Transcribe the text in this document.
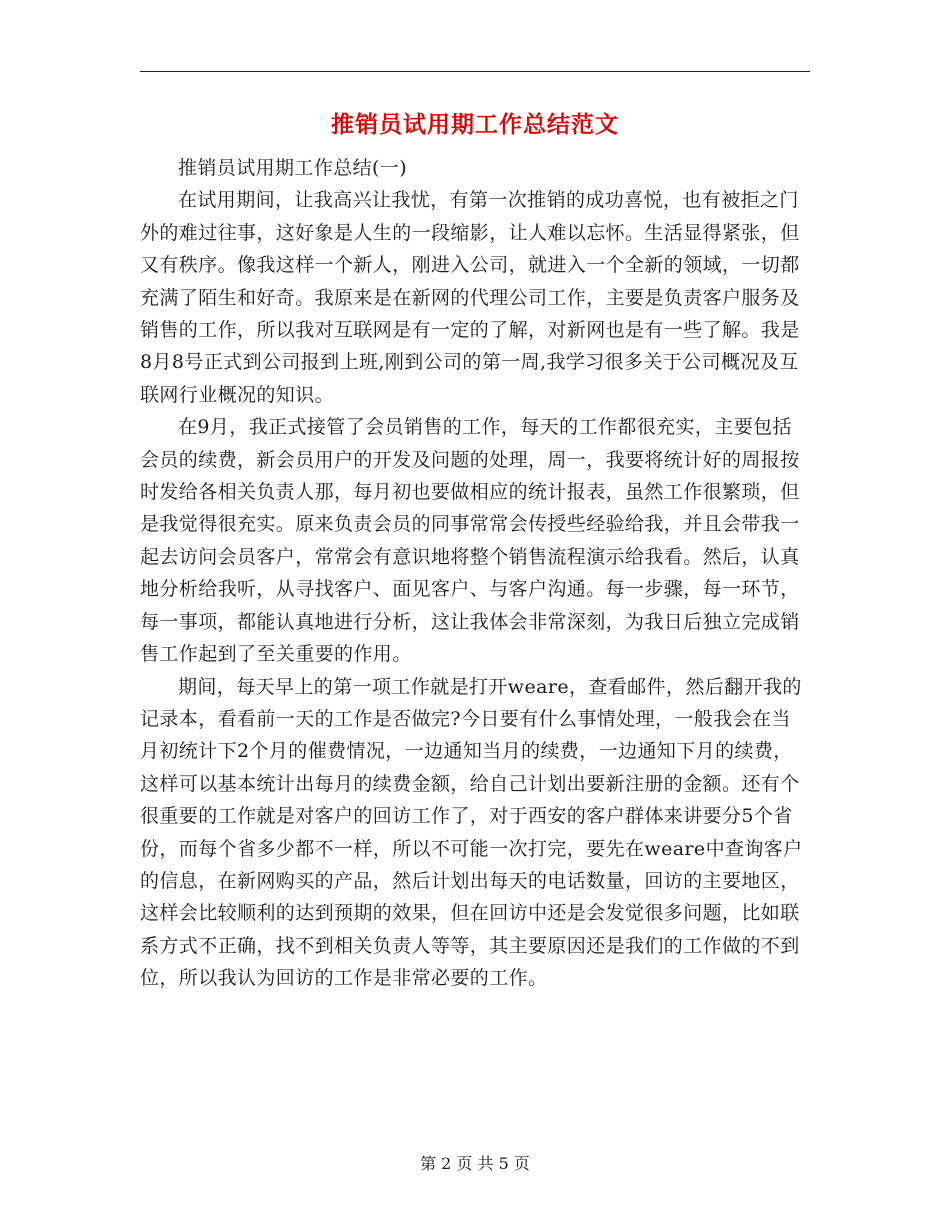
推销员试用期工作总结范文

推销员试用期工作总结(一)

在试用期间，让我高兴让我忧，有第一次推销的成功喜悦，也有被拒之门外的难过往事，这好象是人生的一段缩影，让人难以忘怀。生活显得紧张，但又有秩序。像我这样一个新人，刚进入公司，就进入一个全新的领域，一切都充满了陌生和好奇。我原来是在新网的代理公司工作，主要是负责客户服务及销售的工作，所以我对互联网是有一定的了解，对新网也是有一些了解。我是8月8号正式到公司报到上班,刚到公司的第一周,我学习很多关于公司概况及互联网行业概况的知识。

在9月，我正式接管了会员销售的工作，每天的工作都很充实，主要包括会员的续费，新会员用户的开发及问题的处理，周一，我要将统计好的周报按时发给各相关负责人那，每月初也要做相应的统计报表，虽然工作很繁琐，但是我觉得很充实。原来负责会员的同事常常会传授些经验给我，并且会带我一起去访问会员客户，常常会有意识地将整个销售流程演示给我看。然后，认真地分析给我听，从寻找客户、面见客户、与客户沟通。每一步骤，每一环节，每一事项，都能认真地进行分析，这让我体会非常深刻，为我日后独立完成销售工作起到了至关重要的作用。

期间，每天早上的第一项工作就是打开weare，查看邮件，然后翻开我的记录本，看看前一天的工作是否做完?今日要有什么事情处理，一般我会在当月初统计下2个月的催费情况，一边通知当月的续费，一边通知下月的续费，这样可以基本统计出每月的续费金额，给自己计划出要新注册的金额。还有个很重要的工作就是对客户的回访工作了，对于西安的客户群体来讲要分5个省份，而每个省多少都不一样，所以不可能一次打完，要先在weare中查询客户的信息，在新网购买的产品，然后计划出每天的电话数量，回访的主要地区，这样会比较顺利的达到预期的效果，但在回访中还是会发觉很多问题，比如联系方式不正确，找不到相关负责人等等，其主要原因还是我们的工作做的不到位，所以我认为回访的工作是非常必要的工作。

第 2 页 共 5 页
